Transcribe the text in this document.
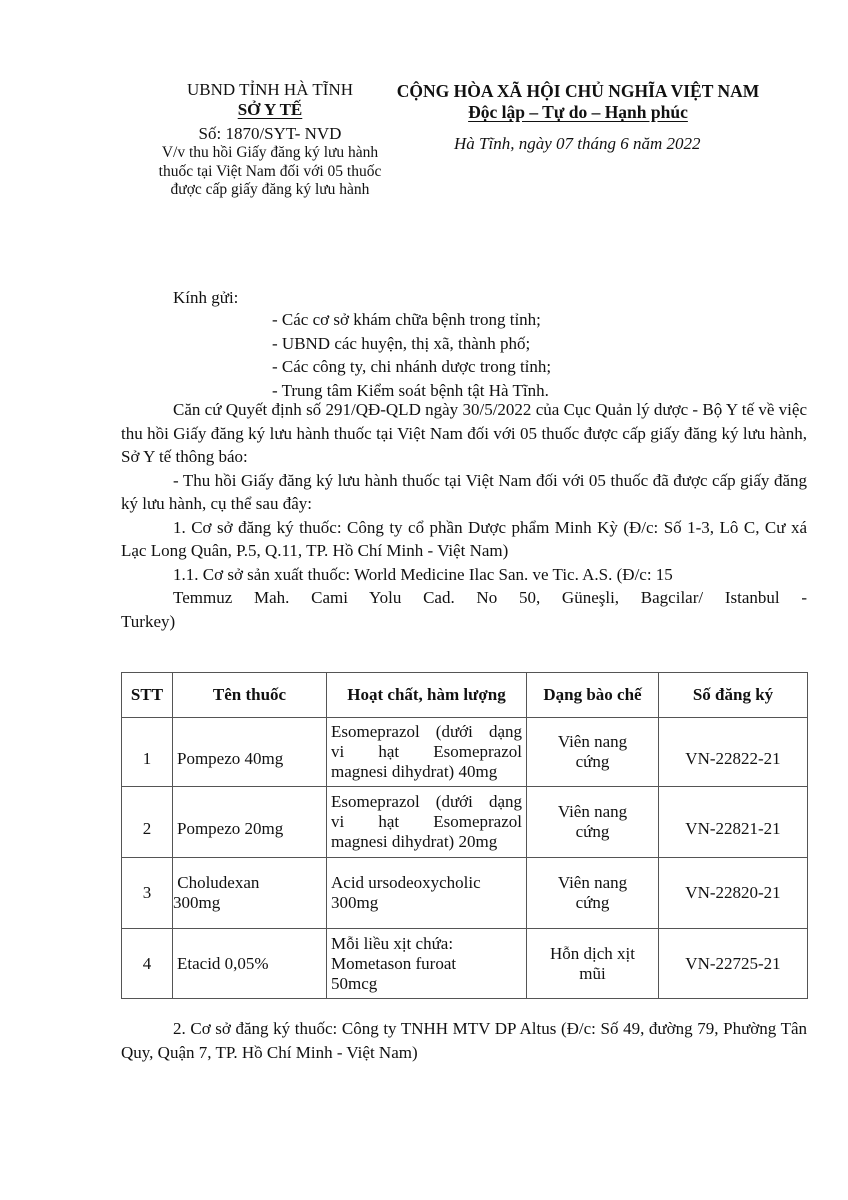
UBND TỈNH HÀ TĨNH
SỞ Y TẾ
Số: 1870/SYT- NVD
V/v thu hồi Giấy đăng ký lưu hành thuốc tại Việt Nam đối với 05 thuốc được cấp giấy đăng ký lưu hành
CỘNG HÒA XÃ HỘI CHỦ NGHĨA VIỆT NAM
Độc lập – Tự do – Hạnh phúc
Hà Tĩnh, ngày 07 tháng 6 năm 2022
Kính gửi:
- Các cơ sở khám chữa bệnh trong tỉnh;
- UBND các huyện, thị xã, thành phố;
- Các công ty, chi nhánh dược trong tỉnh;
- Trung tâm Kiểm soát bệnh tật Hà Tĩnh.

Căn cứ Quyết định số 291/QĐ-QLD ngày 30/5/2022 của Cục Quản lý dược - Bộ Y tế về việc thu hồi Giấy đăng ký lưu hành thuốc tại Việt Nam đối với 05 thuốc được cấp giấy đăng ký lưu hành, Sở Y tế thông báo:

- Thu hồi Giấy đăng ký lưu hành thuốc tại Việt Nam đối với 05 thuốc đã được cấp giấy đăng ký lưu hành, cụ thể sau đây:

1. Cơ sở đăng ký thuốc: Công ty cổ phần Dược phẩm Minh Kỳ (Đ/c: Số 1-3, Lô C, Cư xá Lạc Long Quân, P.5, Q.11, TP. Hồ Chí Minh - Việt Nam)

1.1. Cơ sở sản xuất thuốc: World Medicine Ilac San. ve Tic. A.S. (Đ/c: 15
Temmuz Mah. Cami Yolu Cad. No 50, Güneşli, Bagcilar/ Istanbul -
Turkey)

STT	Tên thuốc	Hoạt chất, hàm lượng	Dạng bào chế	Số đăng ký
1	Pompezo 40mg	Esomeprazol (dưới dạng
vi hạt Esomeprazol
magnesi dihydrat) 40mg	Viên nang
cứng	VN-22822-21
2	Pompezo 20mg	Esomeprazol (dưới dạng
vi hạt Esomeprazol
magnesi dihydrat) 20mg	Viên nang
cứng	VN-22821-21
3	Choludexan
300mg	Acid ursodeoxycholic
300mg	Viên nang
cứng	VN-22820-21
4	Etacid 0,05%	Mỗi liều xịt chứa:
Mometason furoat
50mcg	Hỗn dịch xịt
mũi	VN-22725-21

2. Cơ sở đăng ký thuốc: Công ty TNHH MTV DP Altus (Đ/c: Số 49, đường 79, Phường Tân Quy, Quận 7, TP. Hồ Chí Minh - Việt Nam)
